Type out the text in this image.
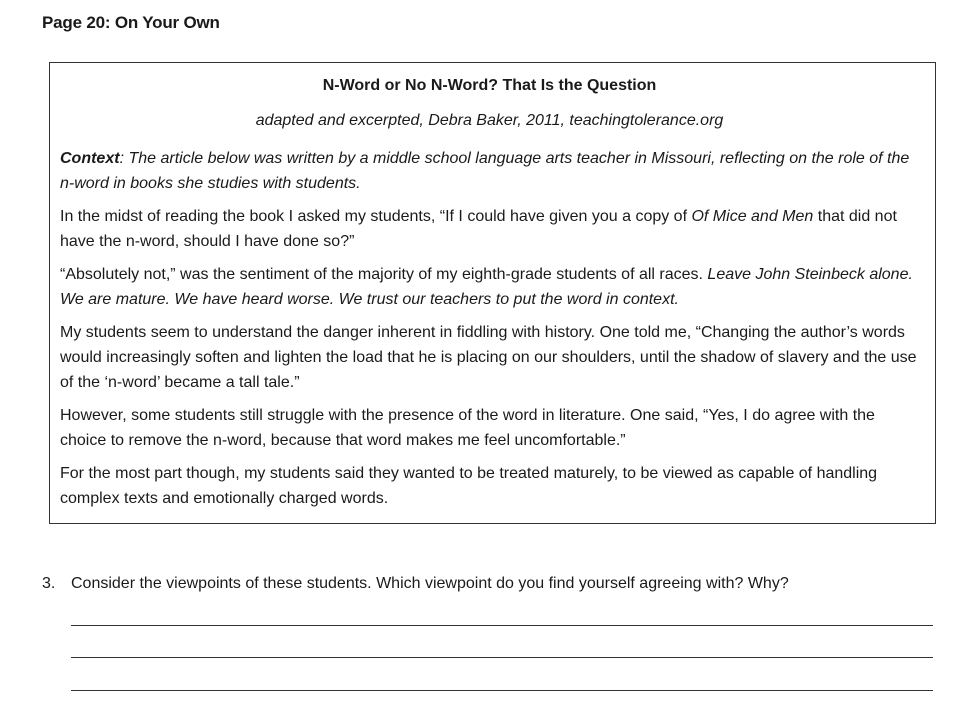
Page 20: On Your Own

N-Word or No N-Word? That Is the Question

adapted and excerpted, Debra Baker, 2011, teachingtolerance.org

Context: The article below was written by a middle school language arts teacher in Missouri, reflecting on the role of the n-word in books she studies with students.

In the midst of reading the book I asked my students, “If I could have given you a copy of Of Mice and Men that did not have the n-word, should I have done so?”

“Absolutely not,” was the sentiment of the majority of my eighth-grade students of all races. Leave John Steinbeck alone. We are mature. We have heard worse. We trust our teachers to put the word in context.

My students seem to understand the danger inherent in fiddling with history. One told me, “Changing the author’s words would increasingly soften and lighten the load that he is placing on our shoulders, until the shadow of slavery and the use of the ‘n-word’ became a tall tale.”

However, some students still struggle with the presence of the word in literature. One said, “Yes, I do agree with the choice to remove the n-word, because that word makes me feel uncomfortable.”

For the most part though, my students said they wanted to be treated maturely, to be viewed as capable of handling complex texts and emotionally charged words.

3. Consider the viewpoints of these students. Which viewpoint do you find yourself agreeing with? Why?
